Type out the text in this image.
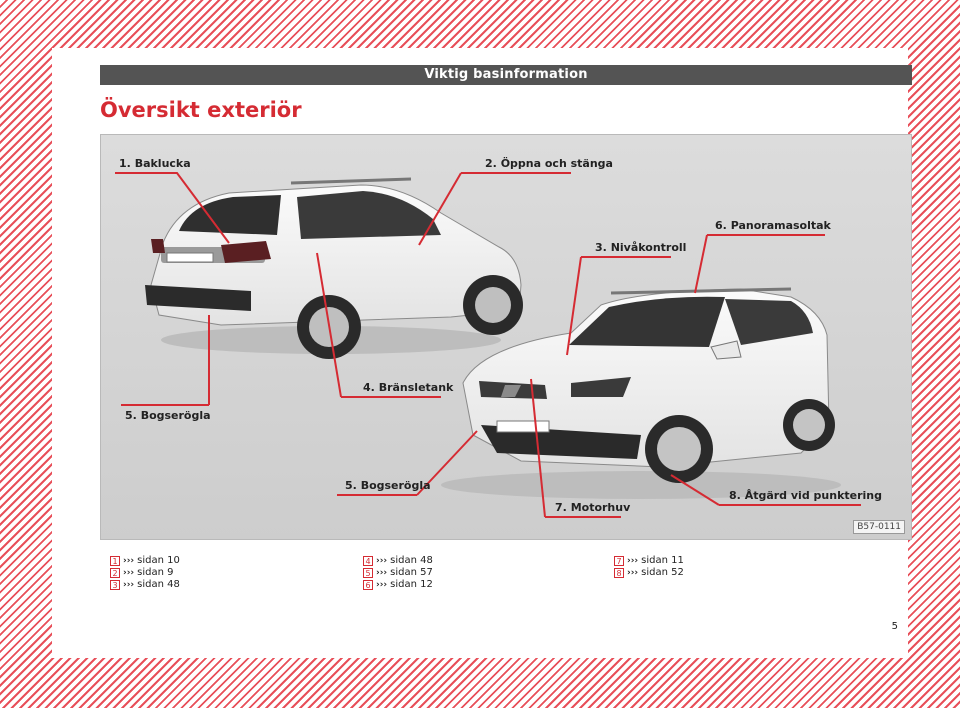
Viktig basinformation
Översikt exteriör
1. Baklucka	2. Öppna och stänga
3. Nivåkontroll
4. Bränsletank
5. Bogserögla
5. Bogserögla
6. Panoramasoltak
7. Motorhuv
8. Åtgärd vid punktering
B57-0111
1 ››› sidan 10
2 ››› sidan 9
3 ››› sidan 48
4 ››› sidan 48
5 ››› sidan 57
6 ››› sidan 12
7 ››› sidan 11
8 ››› sidan 52
5
